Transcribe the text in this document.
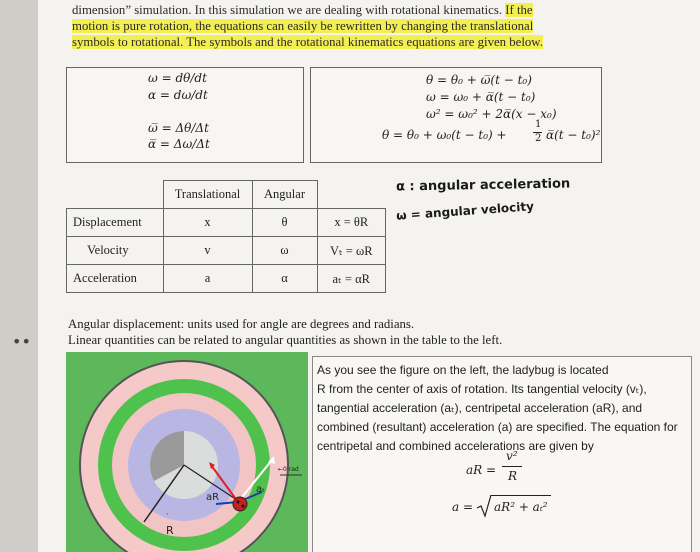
••
dimension” simulation. In this simulation we are dealing with rotational kinematics. If the
motion is pure rotation, the equations can easily be rewritten by changing the translational
symbols to rotational. The symbols and the rotational kinematics equations are given below.
ω = dθ/dt
α = dω/dt
ω̅ = Δθ/Δt
α̅ = Δω/Δt
θ = θ₀ + ω̅(t − t₀)
ω = ω₀ + α̅(t − t₀)
ω² = ω₀² + 2α̅(x − x₀)
θ = θ₀ + ω₀(t − t₀) +
1
2 α̅(t − t₀)²
	Translational	Angular	
Displacement	x	θ	x = θR
Velocity	v	ω	Vₜ = ωR
Acceleration	a	α	aₜ = αR
α : angular acceleration
ω = angular velocity
Angular displacement: units used for angle are degrees and radians.
Linear quantities can be related to angular quantities as shown in the table to the left.
·
R
aR
aₜ
←0 rad
As you see the figure on the left, the ladybug is located
R from the center of axis of rotation. Its tangential velocity (vₜ),
tangential acceleration (aₜ), centripetal acceleration (aR), and
combined (resultant) acceleration (a) are specified. The equation for
centripetal and combined accelerations are given by
aR =
v²
R
a = aR² + aₜ²
